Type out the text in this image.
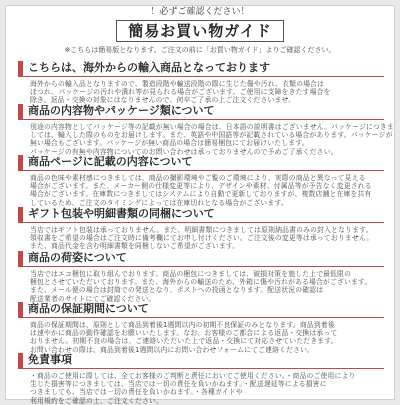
！必ずご確認ください！
簡易お買い物ガイド
※こちらは簡易版となります。ご注文の前に「お買い物ガイド」よりご確認ください。
こちらは、海外からの輸入商品となっております

海外からの輸入品となりますので、製造段階や輸送段階の際に生じた傷や汚れ、衣類の場合は

ほつれ、パッケージの汚れや潰れ等が見られる場合がございます。ご使用に支障をきたす場合を

除き、返品・交換の対象にはなりませんので、何卒ご了承の上ご注文くださいませ。

商品の内容物やパッケージ類について

別途の内容物としてパッケージ等の記載が無い場合の場合は、日本語の説明書はございません。パッケージにつきま

しては、輸入した際のものをお届けします。また、英語や中国語等が記載されている場合があります。パッケージが

無い場合もございます。パッケージが無い商品の場合は簡易梱包にてお届けいたします。

パッケージの有無や内容物についてのお問い合わせは承っておりませんので予めご了承ください。

商品ページに記載の内容について

商品の色味や素材感につきましては、商品の撮影環境やご覧のご環境により、実際の商品と異なって見える

場合がございます。また、メーカー側の仕様変更等により、デザインや素材、付属品等が予告なく変更される

場合がございます。在庫数につきましてはシステムにより自動で更新しておりますが、複数店舗と在庫を共有

しているため、ご注文のタイミングによっては在庫切れとなる場合がございます。

ギフト包装や明細書類の同梱について

当店ではギフト包装は承っておりません。また、明細書類につきましては原則納品書のみの封入となります。

領収書をご希望の場合はご注文時に備考欄にてお申し付けください。ご注文後の変更等は承っておりません。

また、商品代金を含む明細書類を同梱しないご希望がございます。

商品の荷姿について

当店ではエコ梱包に取り組んでおります。商品の梱包につきましては、破損対策を施した上で最低限の

梱包とさせていただいております。また、海外からの輸送のため、外箱に傷や汚れがある場合がございます。

また、メール便の場合は封筒での発送となり、ポストへの投函となります。配送状況の確認は

配送業者のサイトにてご確認ください。

商品の保証期間について

商品の保証期間は、原則として商品到着後1週間以内の初期不良保証のみとなります。商品到着後

は速やかに商品の動作確認をお願いいたします。なお、お客様のご都合による返品・交換は承って

おりません。初期不良の場合は、ご連絡いただいた上で返品・交換にて対応させていただきます。

お問い合わせの際は、商品到着後1週間以内にお問い合わせフォームにてご連絡ください。

免責事項

・商品のご使用に際しては、全てお客様のご判断と責任においてご使用ください。・商品のご使用により

生じた損害等につきましては、当店では一切の責任を負いかねます。・配送遅延等による損害に

つきましても、当店では一切の責任を負いかねます。・各種ガイドや

利用規約をご確認の上、ご注文ください。
